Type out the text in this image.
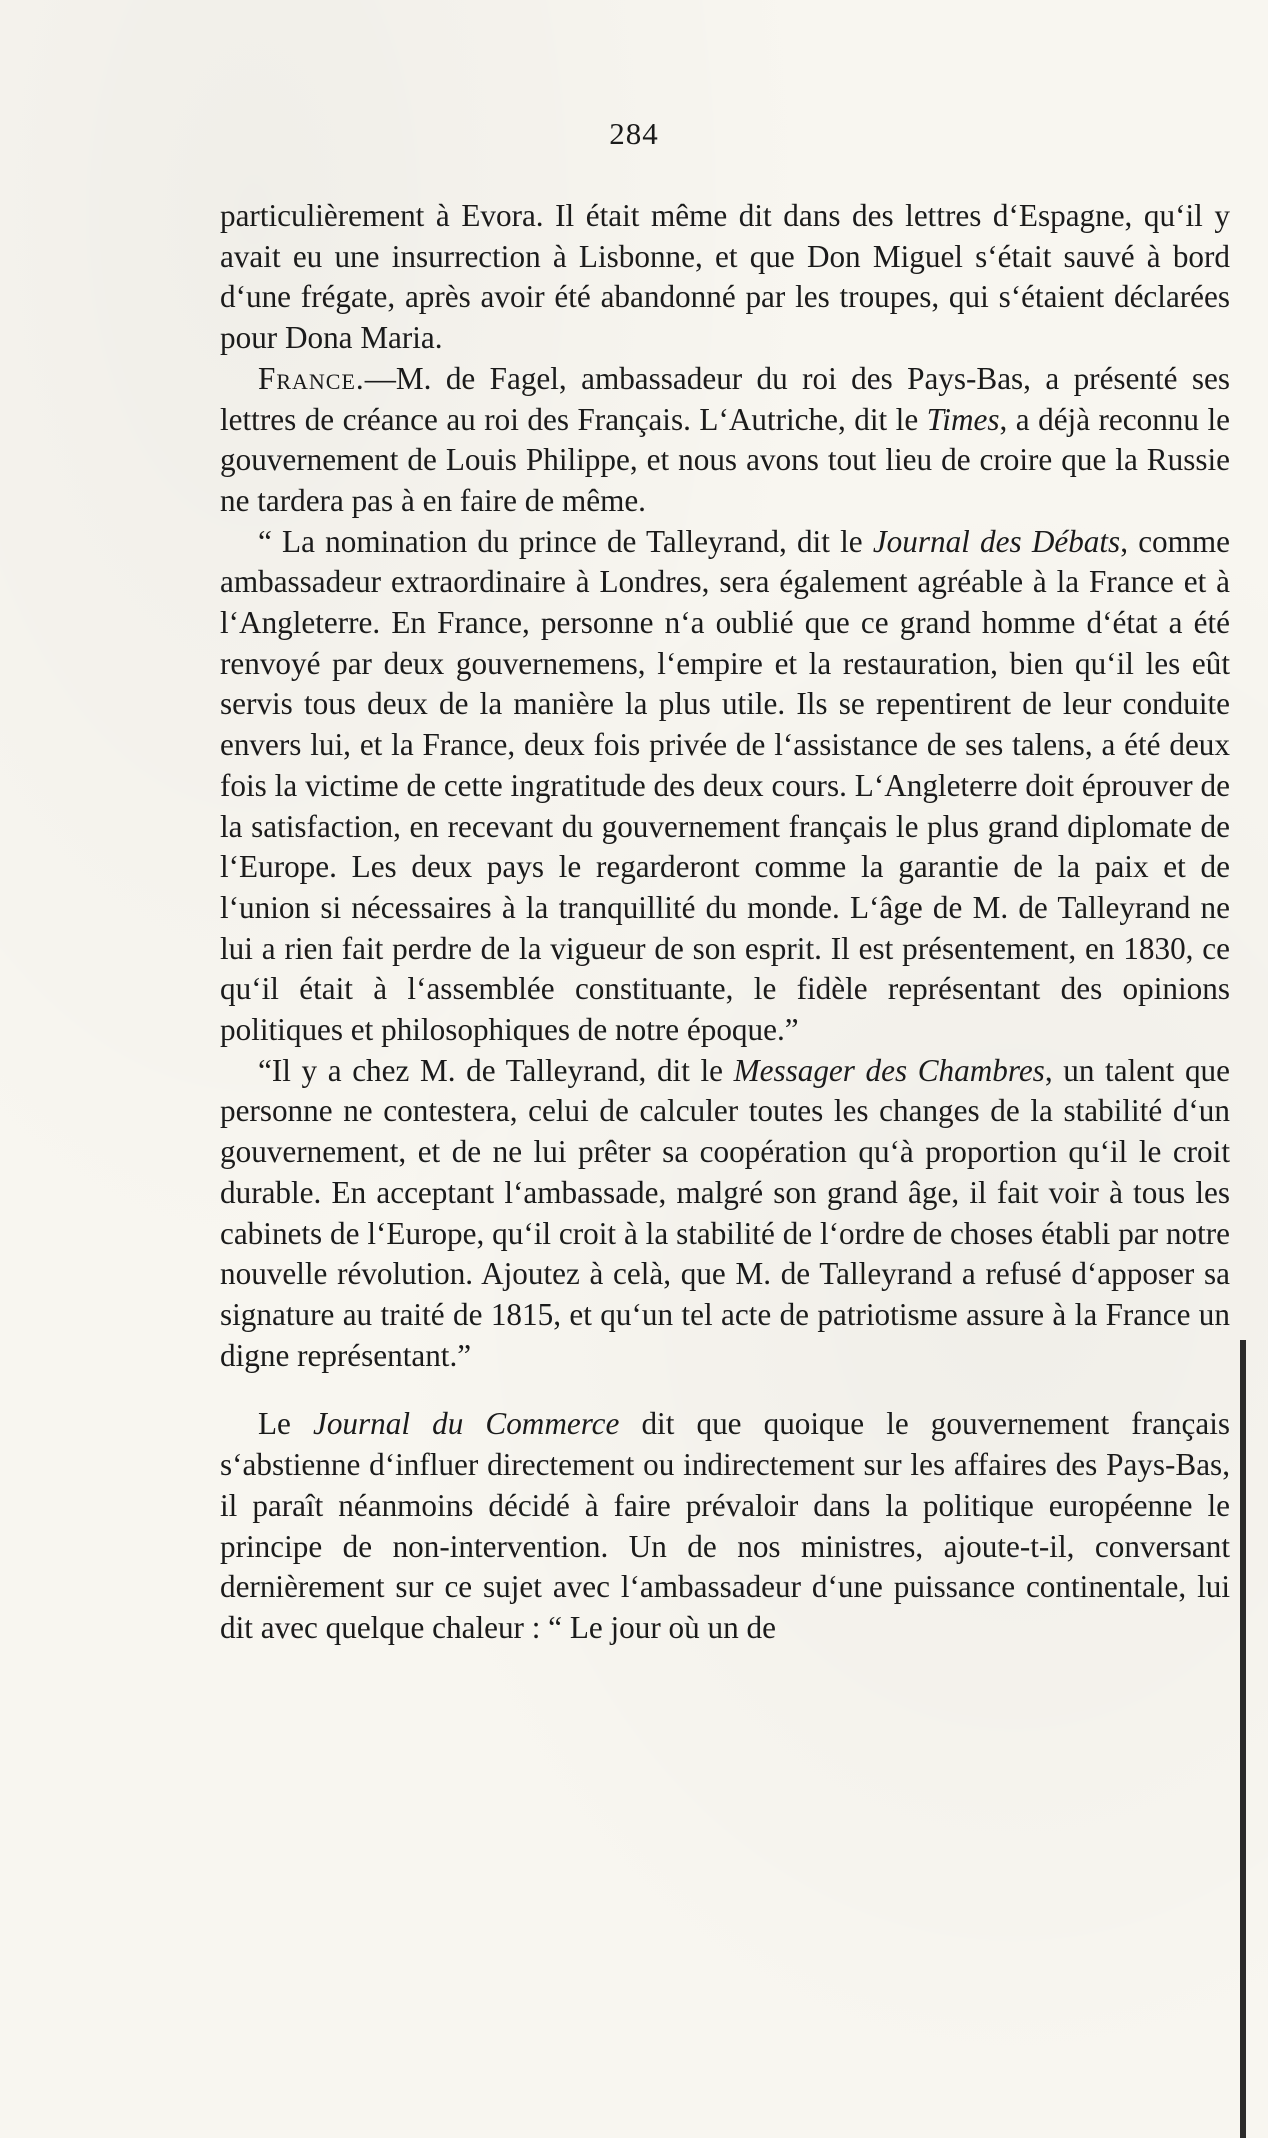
284

particulièrement à Evora. Il était même dit dans des lettres d‘Espagne, qu‘il y avait eu une insurrection à Lisbonne, et que Don Miguel s‘était sauvé à bord d‘une frégate, après avoir été abandonné par les troupes, qui s‘étaient déclarées pour Dona Maria.

France.—M. de Fagel, ambassadeur du roi des Pays-Bas, a présenté ses lettres de créance au roi des Français. L‘Autriche, dit le Times, a déjà reconnu le gouvernement de Louis Philippe, et nous avons tout lieu de croire que la Russie ne tardera pas à en faire de même.

“ La nomination du prince de Talleyrand, dit le Journal des Débats, comme ambassadeur extraordinaire à Londres, sera également agréable à la France et à l‘Angleterre. En France, personne n‘a oublié que ce grand homme d‘état a été renvoyé par deux gouvernemens, l‘empire et la restauration, bien qu‘il les eût servis tous deux de la manière la plus utile. Ils se repentirent de leur conduite envers lui, et la France, deux fois privée de l‘assistance de ses talens, a été deux fois la victime de cette ingratitude des deux cours. L‘Angleterre doit éprouver de la satisfaction, en recevant du gouvernement français le plus grand diplomate de l‘Europe. Les deux pays le regarderont comme la garantie de la paix et de l‘union si nécessaires à la tranquillité du monde. L‘âge de M. de Talleyrand ne lui a rien fait perdre de la vigueur de son esprit. Il est présentement, en 1830, ce qu‘il était à l‘assemblée constituante, le fidèle représentant des opinions politiques et philosophiques de notre époque.”

“Il y a chez M. de Talleyrand, dit le Messager des Chambres, un talent que personne ne contestera, celui de calculer toutes les changes de la stabilité d‘un gouvernement, et de ne lui prêter sa coopération qu‘à proportion qu‘il le croit durable. En acceptant l‘ambassade, malgré son grand âge, il fait voir à tous les cabinets de l‘Europe, qu‘il croit à la stabilité de l‘ordre de choses établi par notre nouvelle révolution. Ajoutez à celà, que M. de Talleyrand a refusé d‘apposer sa signature au traité de 1815, et qu‘un tel acte de patriotisme assure à la France un digne représentant.”

Le Journal du Commerce dit que quoique le gouvernement français s‘abstienne d‘influer directement ou indirectement sur les affaires des Pays-Bas, il paraît néanmoins décidé à faire prévaloir dans la politique européenne le principe de non-intervention. Un de nos ministres, ajoute-t-il, conversant dernièrement sur ce sujet avec l‘ambassadeur d‘une puissance continentale, lui dit avec quelque chaleur : “ Le jour où un de
